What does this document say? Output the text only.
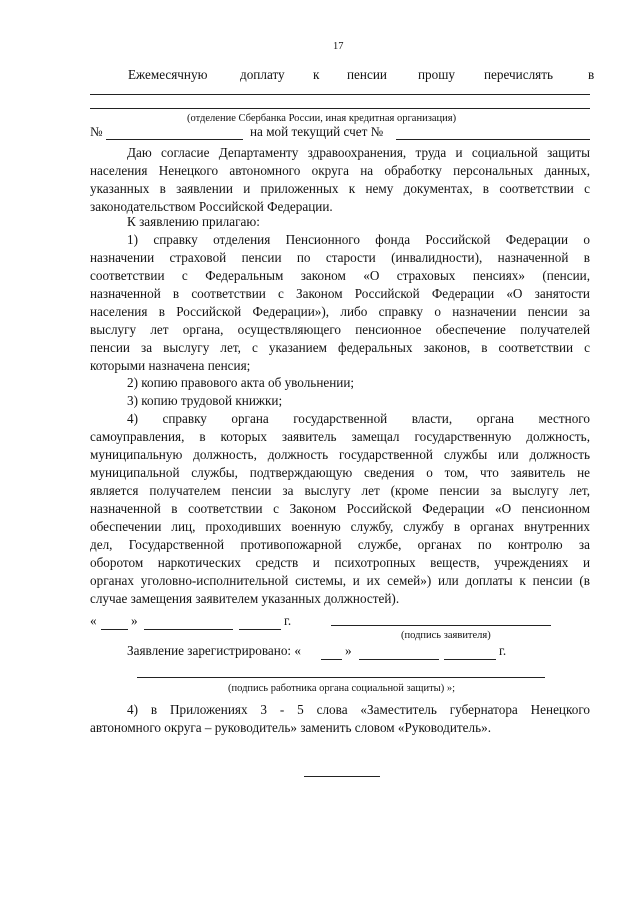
17
Ежемесячную доплату к пенсии прошу перечислять	в
(отделение Сбербанка России, иная кредитная организация)
№	на мой текущий счет №
Даю согласие Департаменту здравоохранения, труда и социальной защиты
населения Ненецкого автономного округа на обработку персональных данных,
указанных в заявлении и приложенных к нему документах, в соответствии с
законодательством Российской Федерации.
К заявлению прилагаю:
1) справку отделения Пенсионного фонда Российской Федерации о
назначении страховой пенсии по старости (инвалидности), назначенной в
соответствии с Федеральным законом «О страховых пенсиях» (пенсии,
назначенной в соответствии с Законом Российской Федерации «О занятости
населения в Российской Федерации»), либо справку о назначении пенсии за
выслугу лет органа, осуществляющего пенсионное обеспечение получателей
пенсии за выслугу лет, с указанием федеральных законов, в соответствии с
которыми назначена пенсия;
2) копию правового акта об увольнении;
3) копию трудовой книжки;
4) справку органа государственной власти, органа местного
самоуправления, в которых заявитель замещал государственную должность,
муниципальную должность, должность государственной службы или должность
муниципальной службы, подтверждающую сведения о том, что заявитель не
является получателем пенсии за выслугу лет (кроме пенсии за выслугу лет,
назначенной в соответствии с Законом Российской Федерации «О пенсионном
обеспечении лиц, проходивших военную службу, службу в органах внутренних
дел, Государственной противопожарной службе, органах по контролю за
оборотом наркотических средств и психотропных веществ, учреждениях и
органах уголовно-исполнительной системы, и их семей») или доплаты к пенсии (в
случае замещения заявителем указанных должностей).
«	»	г.
(подпись заявителя)
Заявление зарегистрировано: «	»	г.
(подпись работника органа социальной защиты) »;
4) в Приложениях 3 - 5 слова «Заместитель губернатора Ненецкого
автономного округа – руководитель» заменить словом «Руководитель».
